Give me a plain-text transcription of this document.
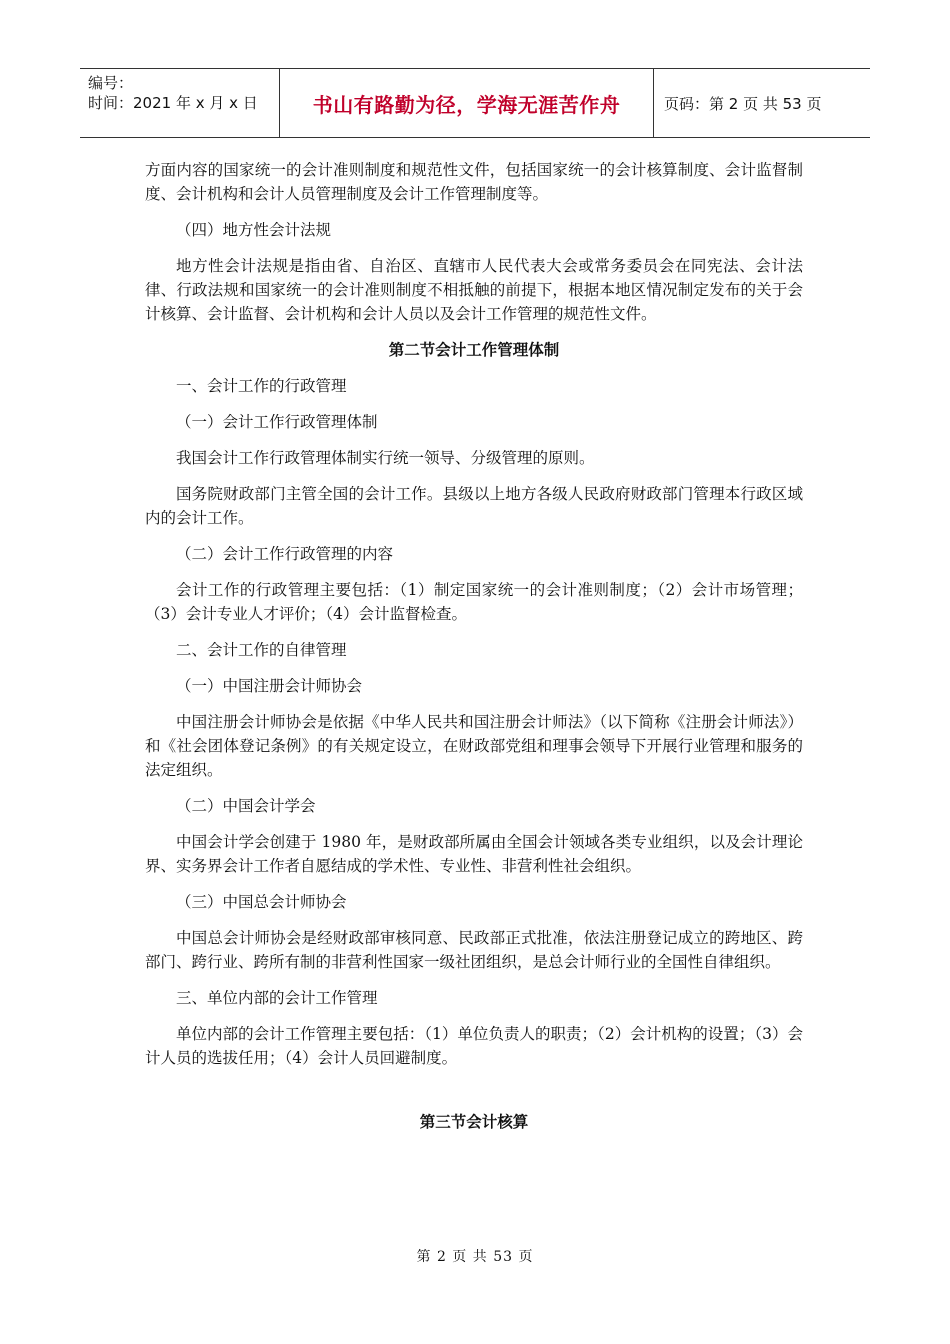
编号：
时间：2021 年 x 月 x 日	书山有路勤为径，学海无涯苦作舟	页码：第 2 页 共 53 页
方面内容的国家统一的会计准则制度和规范性文件，包括国家统一的会计核算制度、会计监督制度、会计机构和会计人员管理制度及会计工作管理制度等。
（四）地方性会计法规
地方性会计法规是指由省、自治区、直辖市人民代表大会或常务委员会在同宪法、会计法律、行政法规和国家统一的会计准则制度不相抵触的前提下，根据本地区情况制定发布的关于会计核算、会计监督、会计机构和会计人员以及会计工作管理的规范性文件。
第二节会计工作管理体制
一、会计工作的行政管理
（一）会计工作行政管理体制
我国会计工作行政管理体制实行统一领导、分级管理的原则。
国务院财政部门主管全国的会计工作。县级以上地方各级人民政府财政部门管理本行政区域内的会计工作。
（二）会计工作行政管理的内容
会计工作的行政管理主要包括：（1）制定国家统一的会计准则制度；（2）会计市场管理；（3）会计专业人才评价；（4）会计监督检查。
二、会计工作的自律管理
（一）中国注册会计师协会
中国注册会计师协会是依据《中华人民共和国注册会计师法》（以下简称《注册会计师法》）和《社会团体登记条例》的有关规定设立，在财政部党组和理事会领导下开展行业管理和服务的法定组织。
（二）中国会计学会
中国会计学会创建于 1980 年，是财政部所属由全国会计领域各类专业组织，以及会计理论界、实务界会计工作者自愿结成的学术性、专业性、非营利性社会组织。
（三）中国总会计师协会
中国总会计师协会是经财政部审核同意、民政部正式批准，依法注册登记成立的跨地区、跨部门、跨行业、跨所有制的非营利性国家一级社团组织，是总会计师行业的全国性自律组织。
三、单位内部的会计工作管理
单位内部的会计工作管理主要包括：（1）单位负责人的职责；（2）会计机构的设置；（3）会计人员的选拔任用；（4）会计人员回避制度。
第三节会计核算
第 2 页 共 53 页
